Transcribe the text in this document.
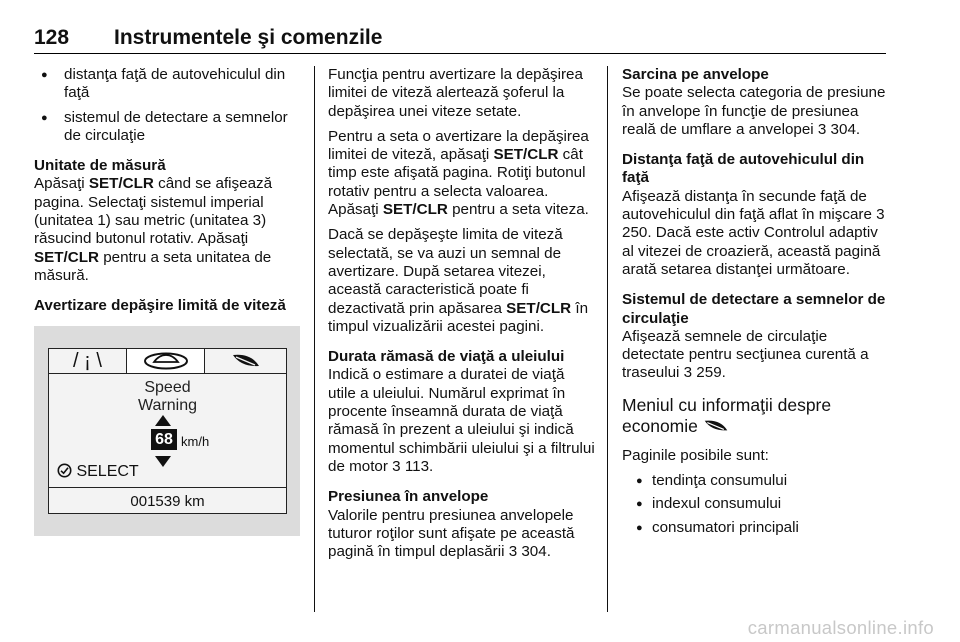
128 Instrumentele şi comenzile
● distanţa faţă de autovehiculul din faţă
● sistemul de detectare a semnelor de circulaţie
Unitate de măsură

Apăsaţi SET/CLR când se afişează pagina. Selectaţi sistemul imperial (unitatea 1) sau metric (unitatea 3) răsucind butonul rotativ. Apăsaţi SET/CLR pentru a seta unitatea de măsură.

Avertizare depăşire limită de viteză
/ ¡ \
Speed
Warning
68 km/h
SELECT
001539 km

Funcţia pentru avertizare la depăşirea limitei de viteză alertează şoferul la depăşirea unei viteze setate.

Pentru a seta o avertizare la depăşirea limitei de viteză, apăsaţi SET/CLR cât timp este afişată pagina. Rotiţi butonul rotativ pentru a selecta valoarea. Apăsaţi SET/CLR pentru a seta viteza.

Dacă se depăşeşte limita de viteză selectată, se va auzi un semnal de avertizare. După setarea vitezei, această caracteristică poate fi dezactivată prin apăsarea SET/CLR în timpul vizualizării acestei pagini.

Durata rămasă de viaţă a uleiului

Indică o estimare a duratei de viaţă utile a uleiului. Numărul exprimat în procente înseamnă durata de viaţă rămasă în prezent a uleiului şi indică momentul schimbării uleiului şi a filtrului de motor 3 113.

Presiunea în anvelope

Valorile pentru presiunea anvelopele tuturor roţilor sunt afişate pe această pagină în timpul deplasării 3 304.

Sarcina pe anvelope

Se poate selecta categoria de presiune în anvelope în funcţie de presiunea reală de umflare a anvelopei 3 304.

Distanţa faţă de autovehiculul din faţă

Afişează distanţa în secunde faţă de autovehiculul din faţă aflat în mişcare 3 250. Dacă este activ Controlul adaptiv al vitezei de croazieră, această pagină arată setarea distanţei următoare.

Sistemul de detectare a semnelor de circulaţie

Afişează semnele de circulaţie detectate pentru secţiunea curentă a traseului 3 259.

Meniul cu informaţii despre economie

Paginile posibile sunt:

● tendinţa consumului
● indexul consumului
● consumatori principali
carmanualsonline.info
